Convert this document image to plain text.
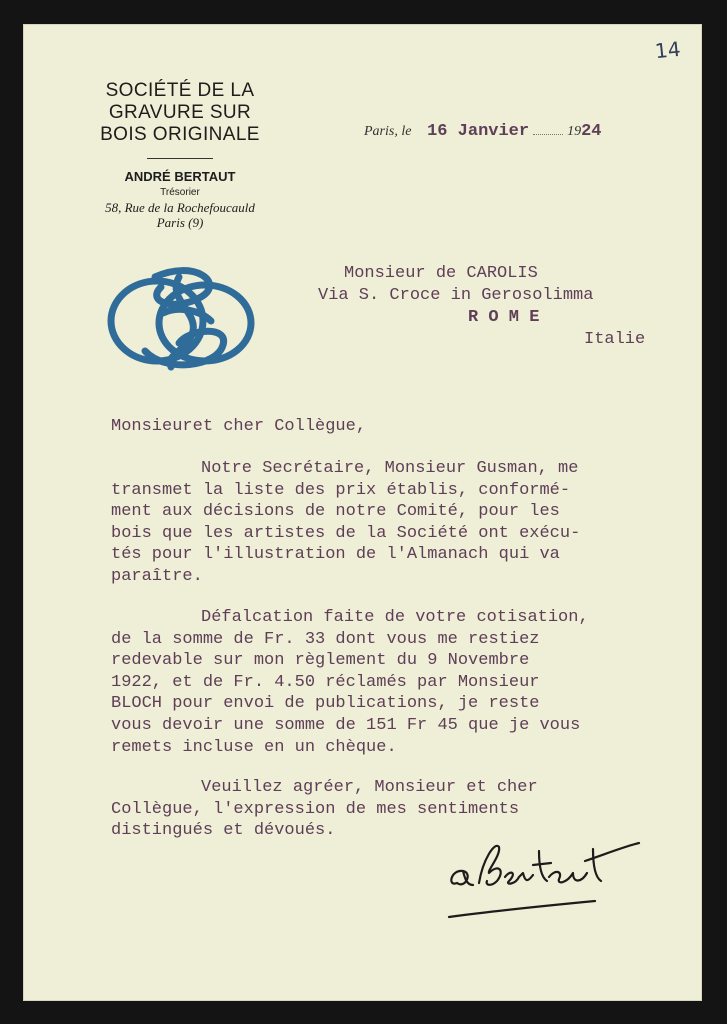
14
SOCIÉTÉ DE LA
GRAVURE SUR
BOIS ORIGINALE
ANDRÉ BERTAUT
Trésorier
58, Rue de la Rochefoucauld
Paris (9)
Paris, le 16 Janvier	1924
Monsieur de CAROLIS
Via S. Croce in Gerosolimma
R O M E
Italie
Monsieuret cher Collègue,
Notre Secrétaire, Monsieur Gusman, me
transmet la liste des prix établis, conformé-
ment aux décisions de notre Comité, pour les
bois que les artistes de la Société ont exécu-
tés pour l'illustration de l'Almanach qui va
paraître.
Défalcation faite de votre cotisation,
de la somme de Fr. 33 dont vous me restiez
redevable sur mon règlement du 9 Novembre
1922, et de Fr. 4.50 réclamés par Monsieur
BLOCH pour envoi de publications, je reste
vous devoir une somme de 151 Fr 45 que je vous
remets incluse en un chèque.
Veuillez agréer, Monsieur et cher
Collègue, l'expression de mes sentiments
distingués et dévoués.
